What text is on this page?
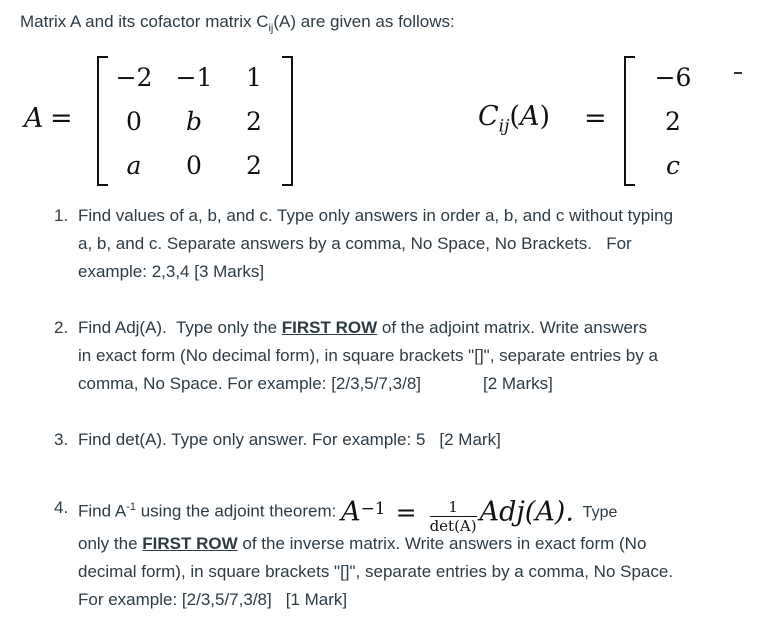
Matrix A and its cofactor matrix $C_{ij}(A)$ are given as follows:
A =
−2 −1 1
0 b 2
a 0 2
$C_{ij}(A)$ =
−6
2
c
1. Find values of a, b, and c. Type only answers in order a, b, and c without typing
a, b, and c. Separate answers by a comma, No Space, No Brackets.   For
example: 2,3,4 [3 Marks]
2. Find Adj(A).  Type only the FIRST ROW of the adjoint matrix. Write answers
in exact form (No decimal form), in square brackets "[]", separate entries by a
comma, No Space. For example: [2/3,5/7,3/8]	[2 Marks]
3. Find det(A). Type only answer. For example: 5 [2 Mark]
4. Find $A^{-1}$ using the adjoint theorem: $A^{-1} = \frac{1}{\det(A)} Adj(A)$. Type
only the FIRST ROW of the inverse matrix. Write answers in exact form (No
decimal form), in square brackets "[]", separate entries by a comma, No Space.
For example: [2/3,5/7,3/8] [1 Mark]
